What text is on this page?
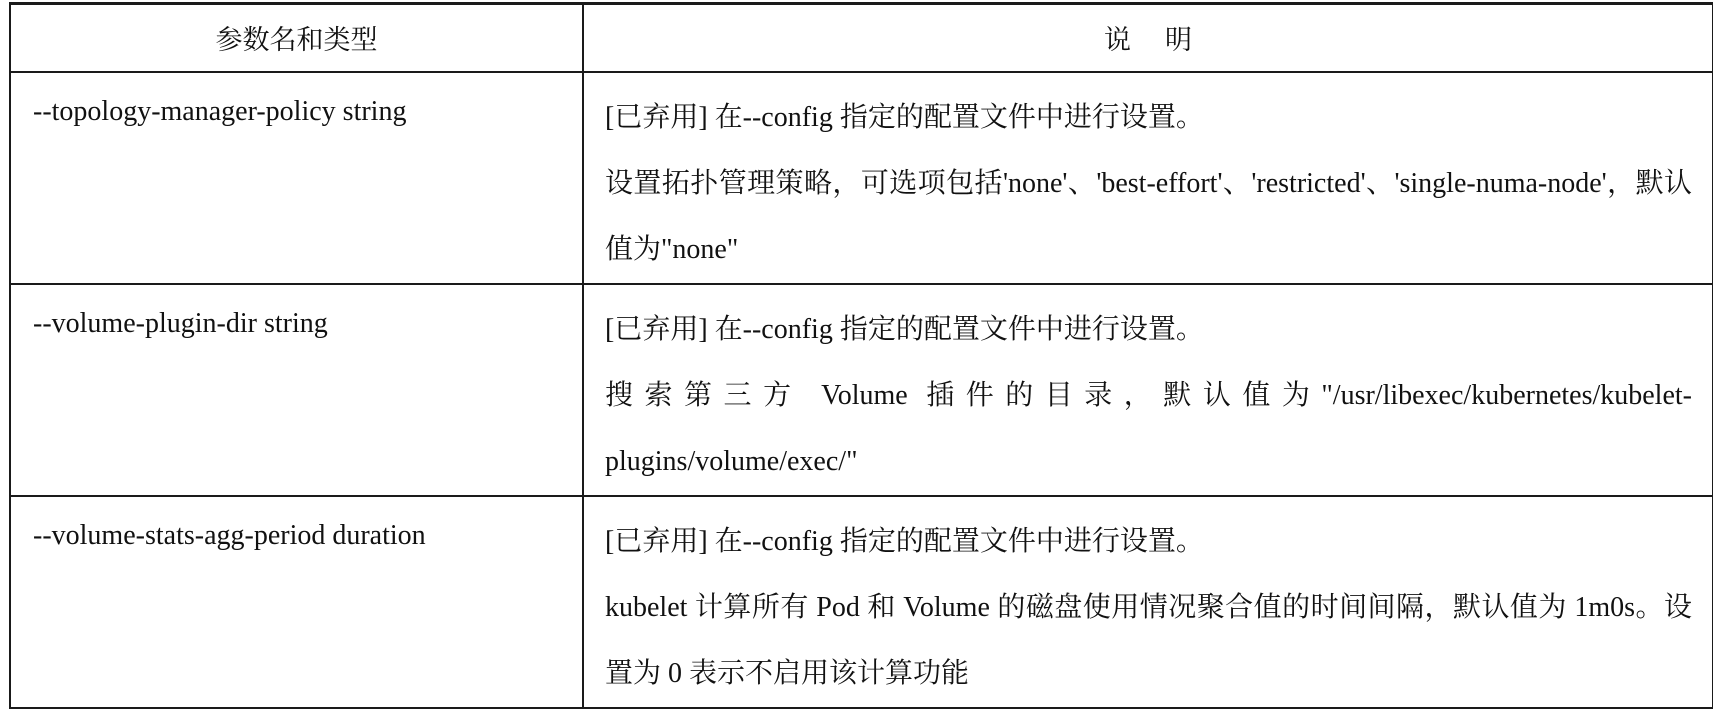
参数名和类型	说明
--topology-manager-policy string	[已弃用] 在--config 指定的配置文件中进行设置。
设置拓扑管理策略，可选项包括'none'、'best-effort'、'restricted'、'single-numa-node'，默认值为"none"

--volume-plugin-dir string	[已弃用] 在--config 指定的配置文件中进行设置。
搜索第三方 Volume 插件的目录，默认值为"/usr/libexec/kubernetes/kubelet-plugins/volume/exec/"

--volume-stats-agg-period duration	[已弃用] 在--config 指定的配置文件中进行设置。
kubelet 计算所有 Pod 和 Volume 的磁盘使用情况聚合值的时间间隔，默认值为 1m0s。设置为 0 表示不启用该计算功能
